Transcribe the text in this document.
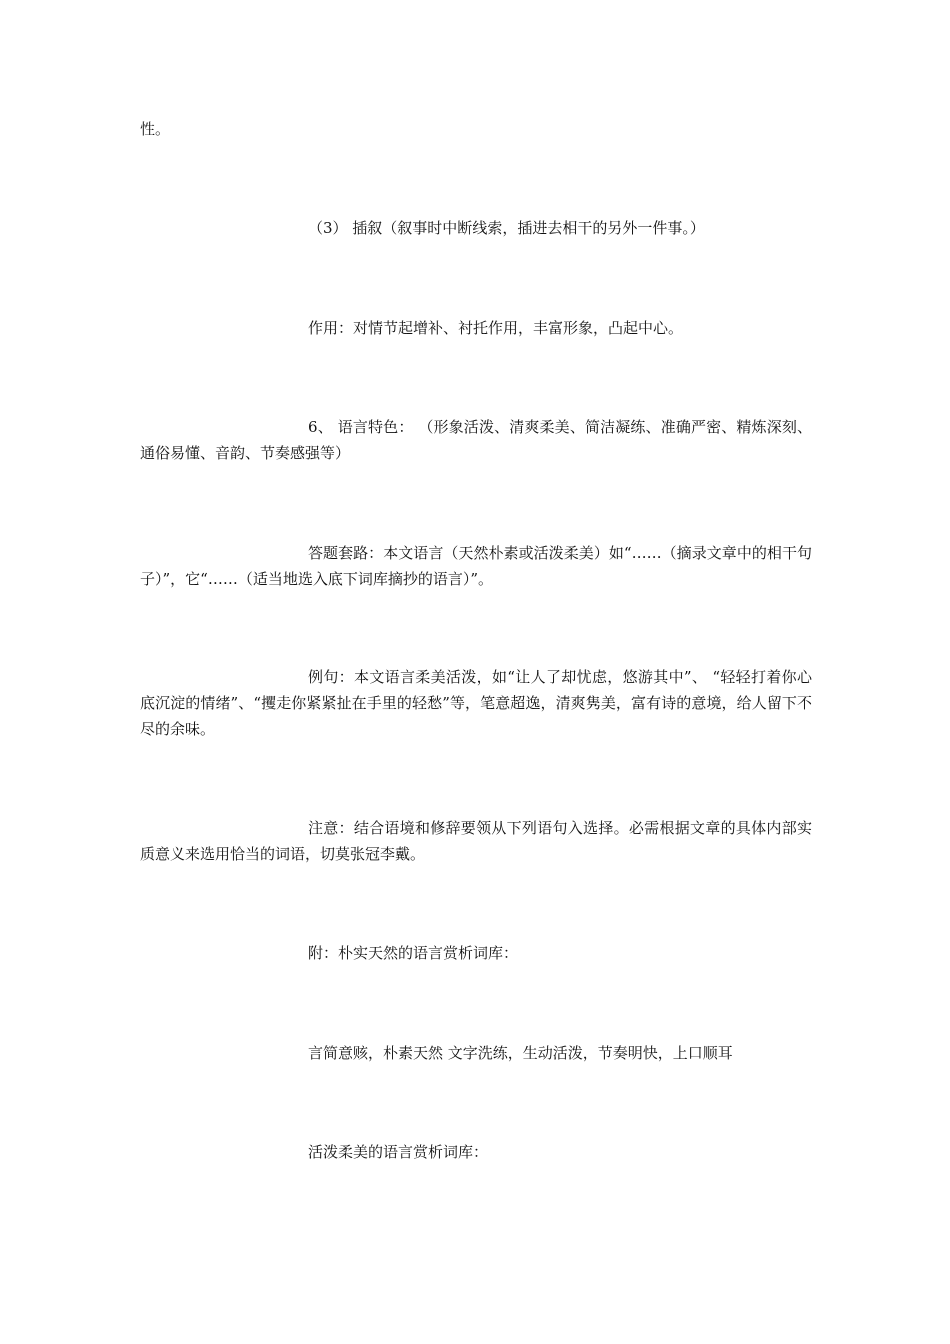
性。

（3） 插叙（叙事时中断线索，插进去相干的另外一件事。）

作用：对情节起增补、衬托作用，丰富形象，凸起中心。

6、 语言特色： （形象活泼、清爽柔美、简洁凝练、准确严密、精炼深刻、通俗易懂、音韵、节奏感强等）

答题套路：本文语言（天然朴素或活泼柔美）如“……（摘录文章中的相干句子）”，它“……（适当地选入底下词库摘抄的语言）”。

例句：本文语言柔美活泼，如“让人了却忧虑，悠游其中”、 “轻轻打着你心底沉淀的情绪”、“攫走你紧紧扯在手里的轻愁”等，笔意超逸，清爽隽美，富有诗的意境，给人留下不尽的余味。

注意：结合语境和修辞要领从下列语句入选择。必需根据文章的具体内部实质意义来选用恰当的词语，切莫张冠李戴。

附：朴实天然的语言赏析词库：

言简意赅，朴素天然 文字洗练，生动活泼，节奏明快，上口顺耳

活泼柔美的语言赏析词库：
